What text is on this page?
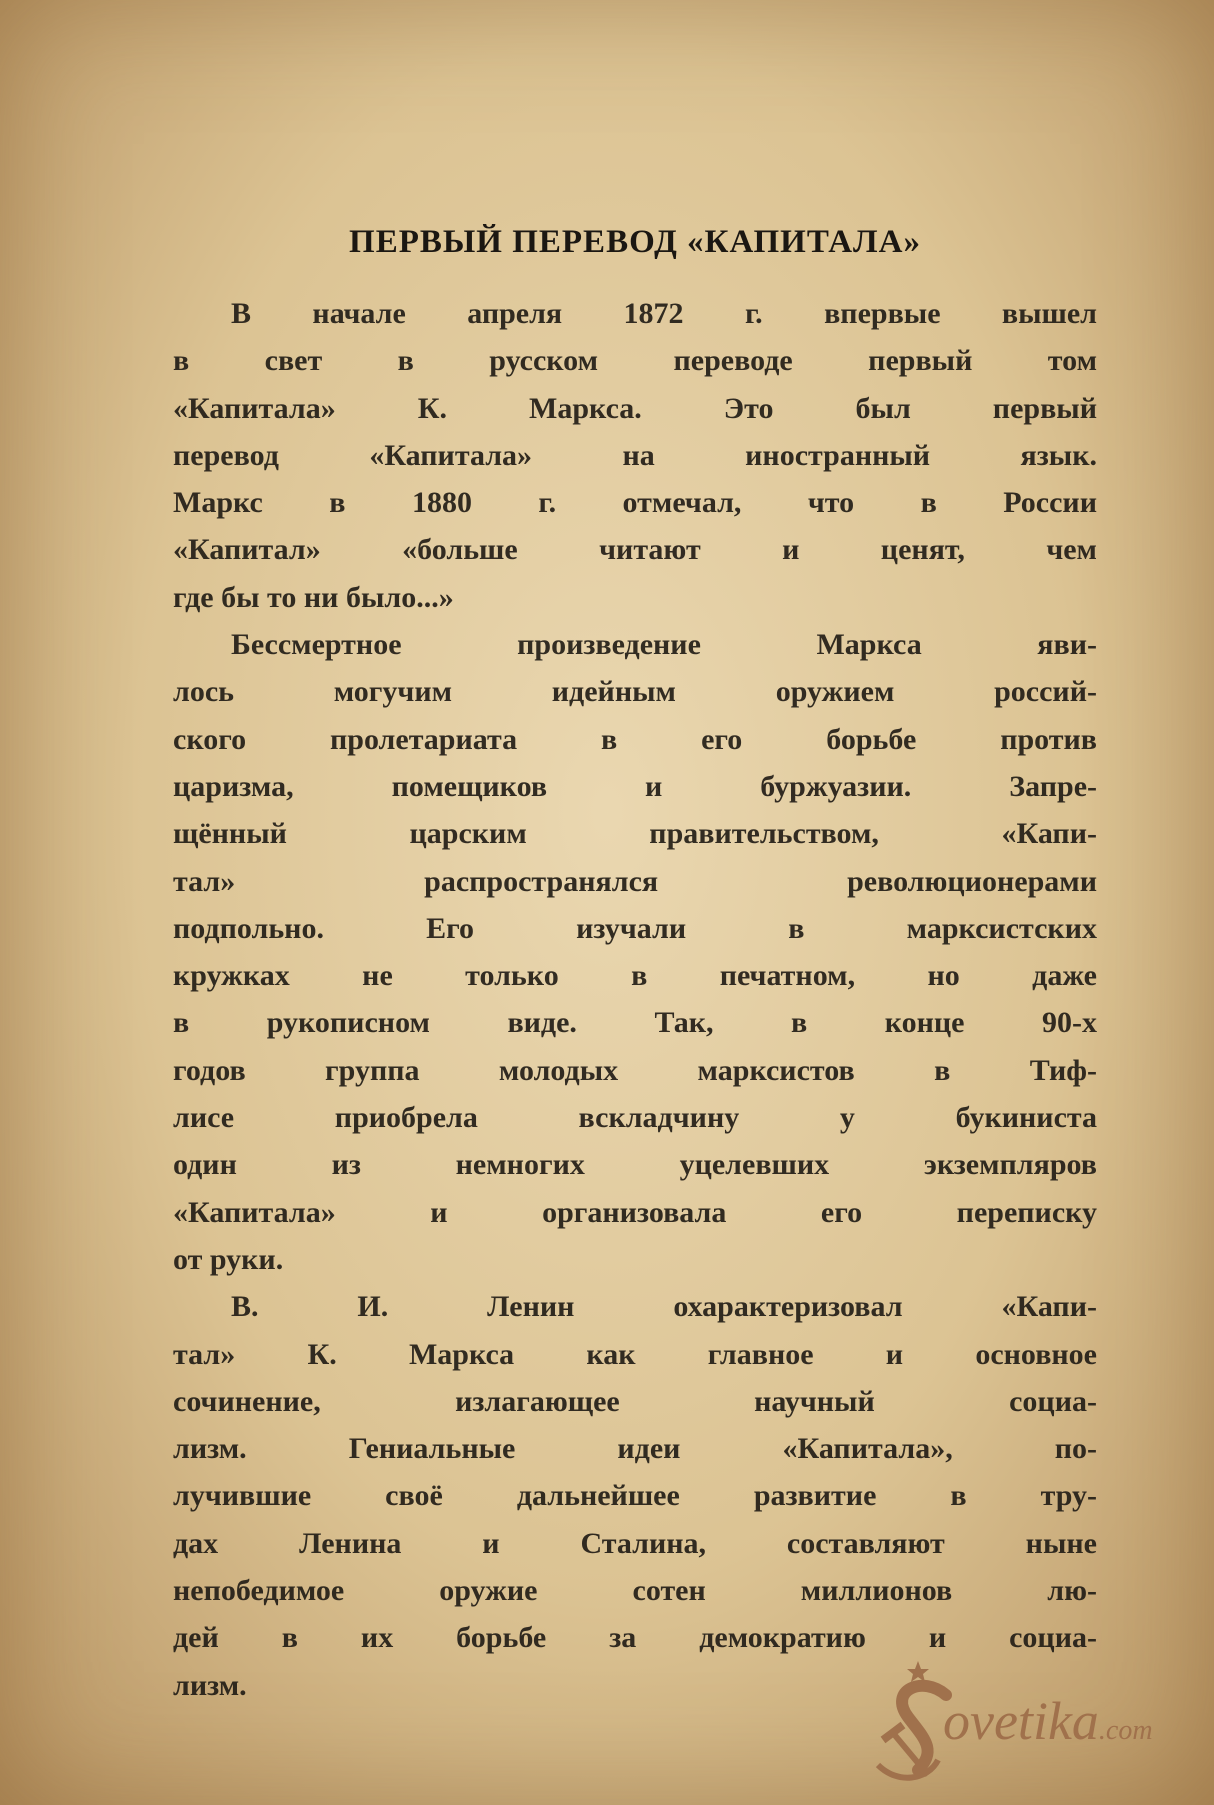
ПЕРВЫЙ ПЕРЕВОД «КАПИТАЛА»
В начале апреля 1872 г. впервые вышел
в свет в русском переводе первый том
«Капитала» К. Маркса. Это был первый
перевод «Капитала» на иностранный язык.
Маркс в 1880 г. отмечал, что в России
«Капитал» «больше читают и ценят, чем
где бы то ни было...»
Бессмертное произведение Маркса яви-
лось могучим идейным оружием россий-
ского пролетариата в его борьбе против
царизма, помещиков и буржуазии. Запре-
щённый царским правительством, «Капи-
тал» распространялся революционерами
подпольно. Его изучали в марксистских
кружках не только в печатном, но даже
в рукописном виде. Так, в конце 90-х
годов группа молодых марксистов в Тиф-
лисе приобрела вскладчину у букиниста
один из немногих уцелевших экземпляров
«Капитала» и организовала его переписку
от руки.
В. И. Ленин охарактеризовал «Капи-
тал» К. Маркса как главное и основное
сочинение, излагающее научный социа-
лизм. Гениальные идеи «Капитала», по-
лучившие своё дальнейшее развитие в тру-
дах Ленина и Сталина, составляют ныне
непобедимое оружие сотен миллионов лю-
дей в их борьбе за демократию и социа-
лизм.
ovetika.com
